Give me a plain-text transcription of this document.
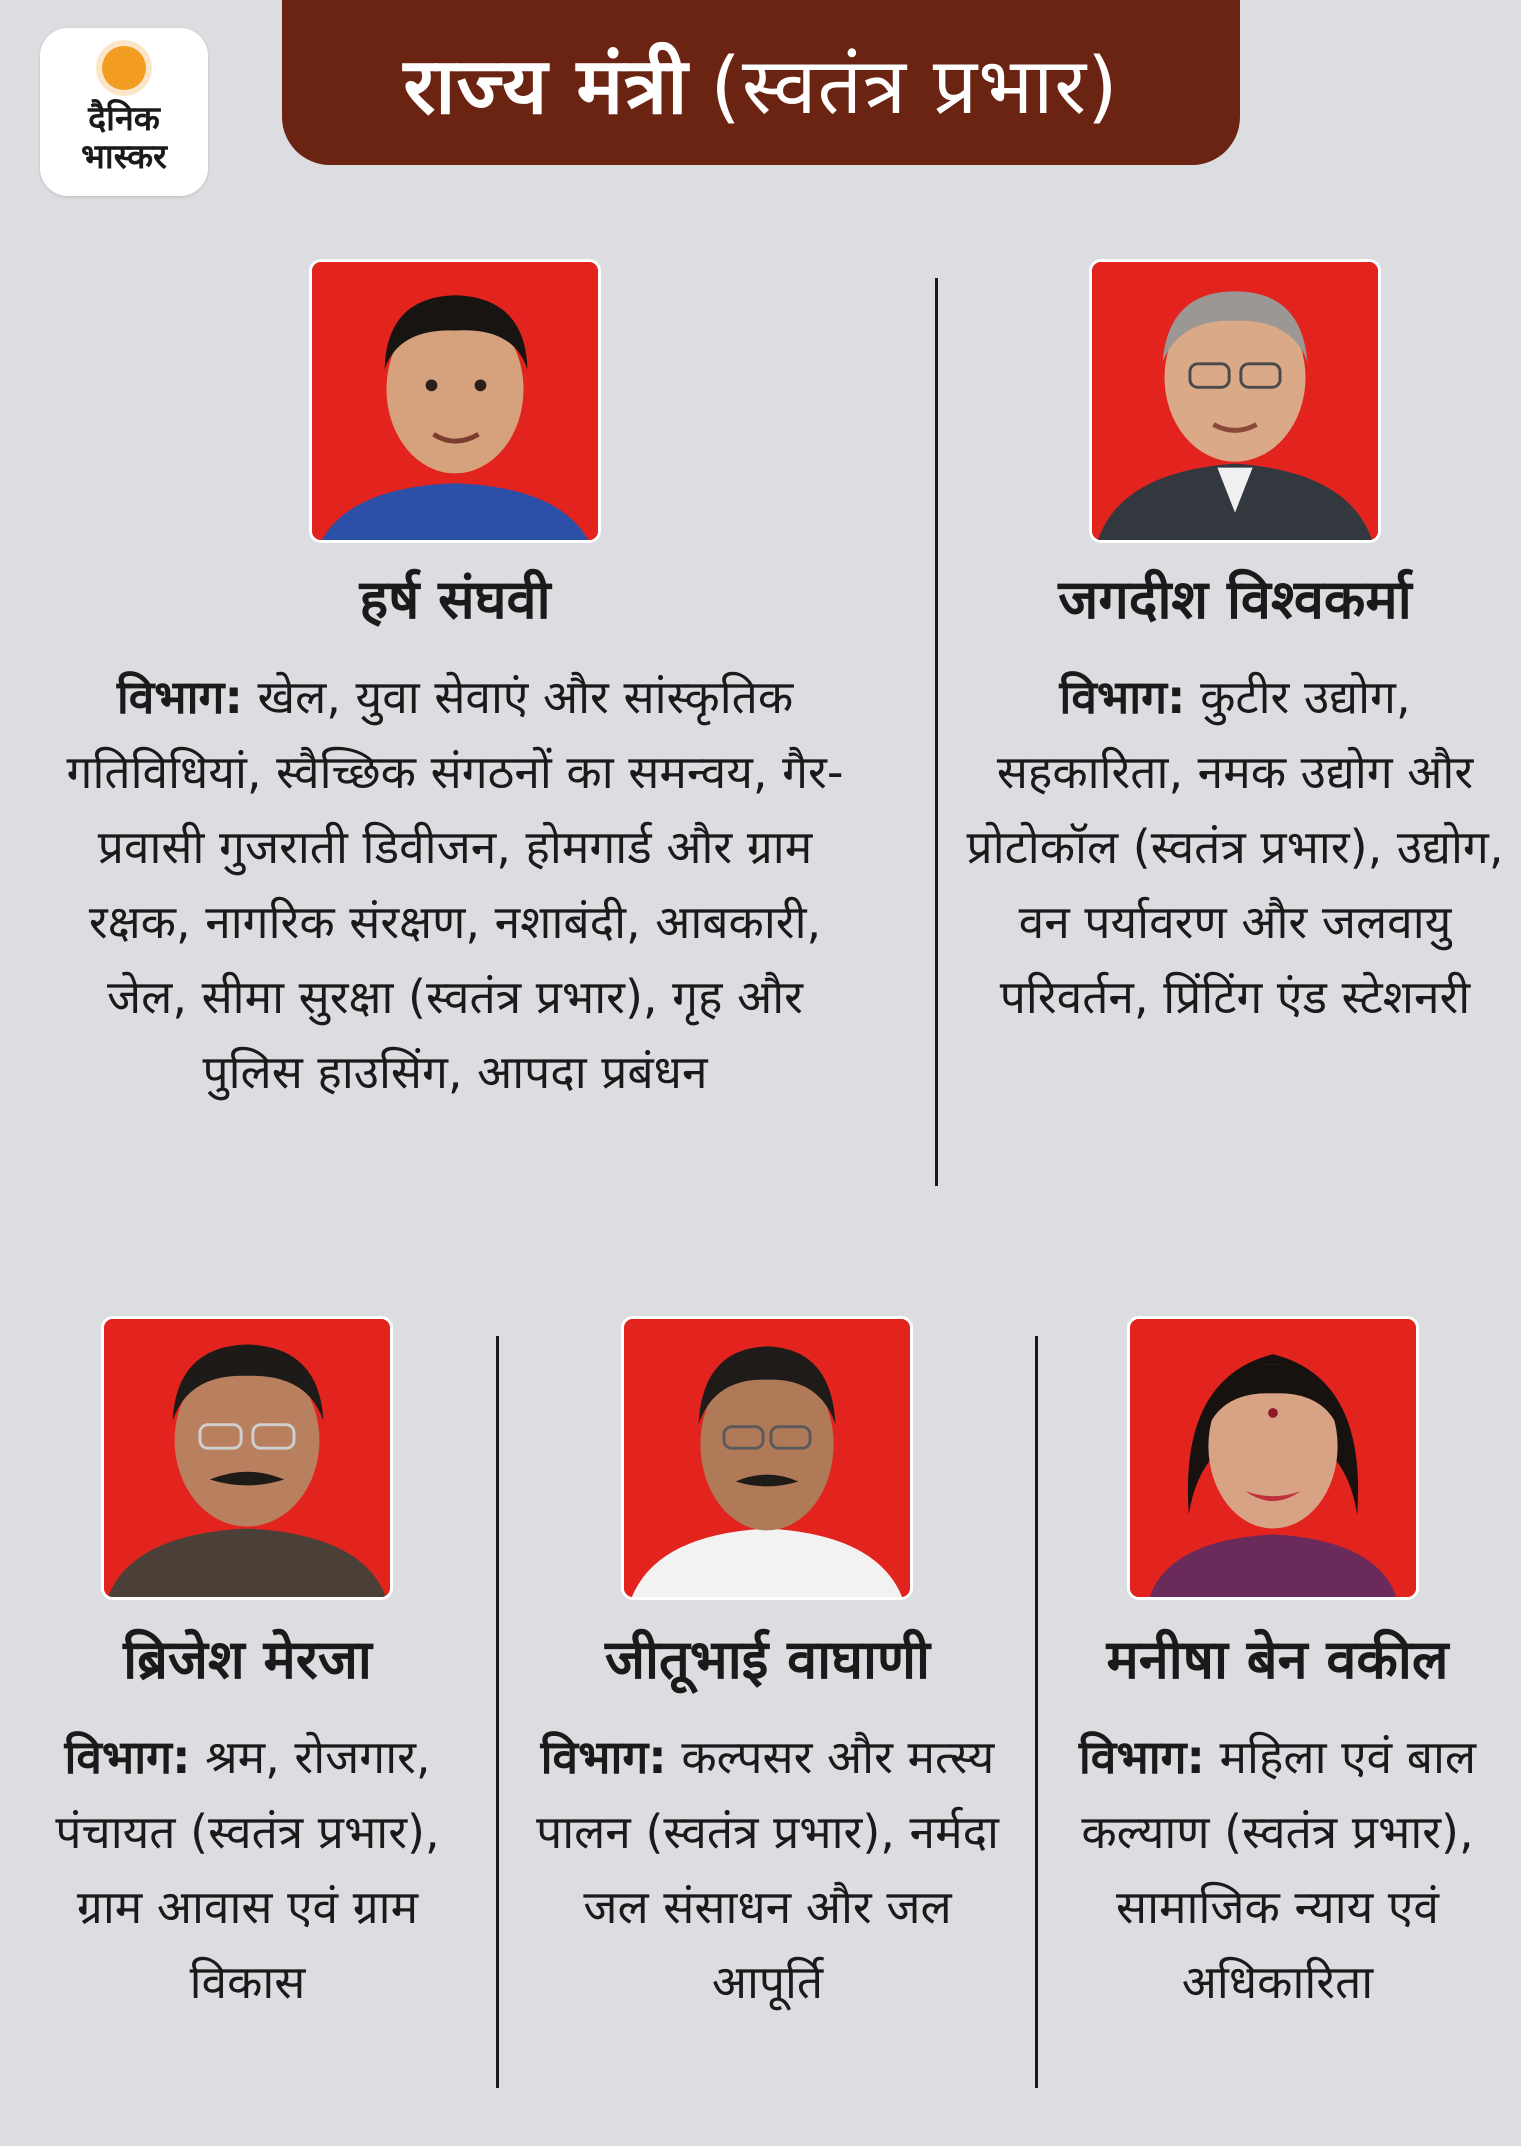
दैनिक
भास्कर
राज्य मंत्री (स्वतंत्र प्रभार)
हर्ष संघवी
विभाग: खेल, युवा सेवाएं और सांस्कृतिक गतिविधियां, स्वैच्छिक संगठनों का समन्वय, गैर-प्रवासी गुजराती डिवीजन, होमगार्ड और ग्राम रक्षक, नागरिक संरक्षण, नशाबंदी, आबकारी, जेल, सीमा सुरक्षा (स्वतंत्र प्रभार), गृह और पुलिस हाउसिंग, आपदा प्रबंधन
जगदीश विश्वकर्मा
विभाग: कुटीर उद्योग, सहकारिता, नमक उद्योग और प्रोटोकॉल (स्वतंत्र प्रभार), उद्योग, वन पर्यावरण और जलवायु परिवर्तन, प्रिंटिंग एंड स्टेशनरी
ब्रिजेश मेरजा
विभाग: श्रम, रोजगार, पंचायत (स्वतंत्र प्रभार), ग्राम आवास एवं ग्राम विकास
जीतूभाई वाघाणी
विभाग: कल्पसर और मत्स्य पालन (स्वतंत्र प्रभार), नर्मदा जल संसाधन और जल आपूर्ति
मनीषा बेन वकील
विभाग: महिला एवं बाल कल्याण (स्वतंत्र प्रभार), सामाजिक न्याय एवं अधिकारिता
